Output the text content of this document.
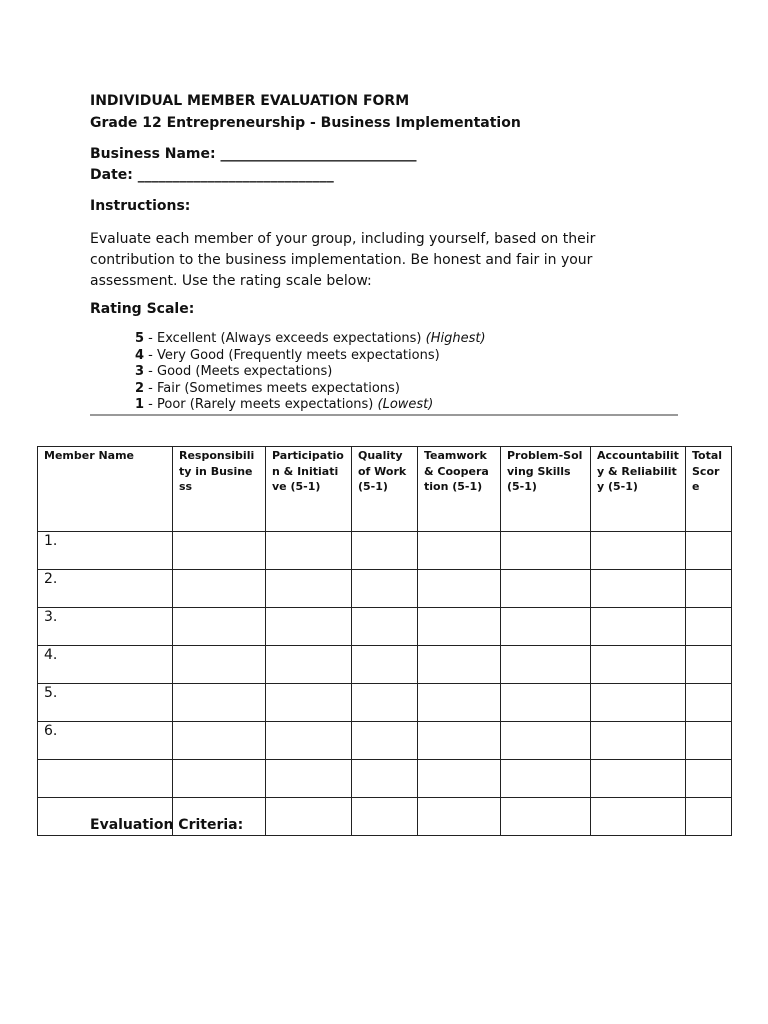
INDIVIDUAL MEMBER EVALUATION FORM
Grade 12 Entrepreneurship - Business Implementation
Business Name: ____________________________
Date: ____________________________
Instructions:
Evaluate each member of your group, including yourself, based on their contribution to the business implementation. Be honest and fair in your assessment. Use the rating scale below:
Rating Scale:
5 - Excellent (Always exceeds expectations) (Highest)
4 - Very Good (Frequently meets expectations)
3 - Good (Meets expectations)
2 - Fair (Sometimes meets expectations)
1 - Poor (Rarely meets expectations) (Lowest)
Member Name	Responsibility in Business	Participation & Initiative (5-1)	Quality of Work (5-1)	Teamwork & Cooperation (5-1)	Problem-Solving Skills (5-1)	Accountability & Reliability (5-1)	Total Score
1.							
2.							
3.							
4.							
5.							
6.							

Evaluation Criteria:
